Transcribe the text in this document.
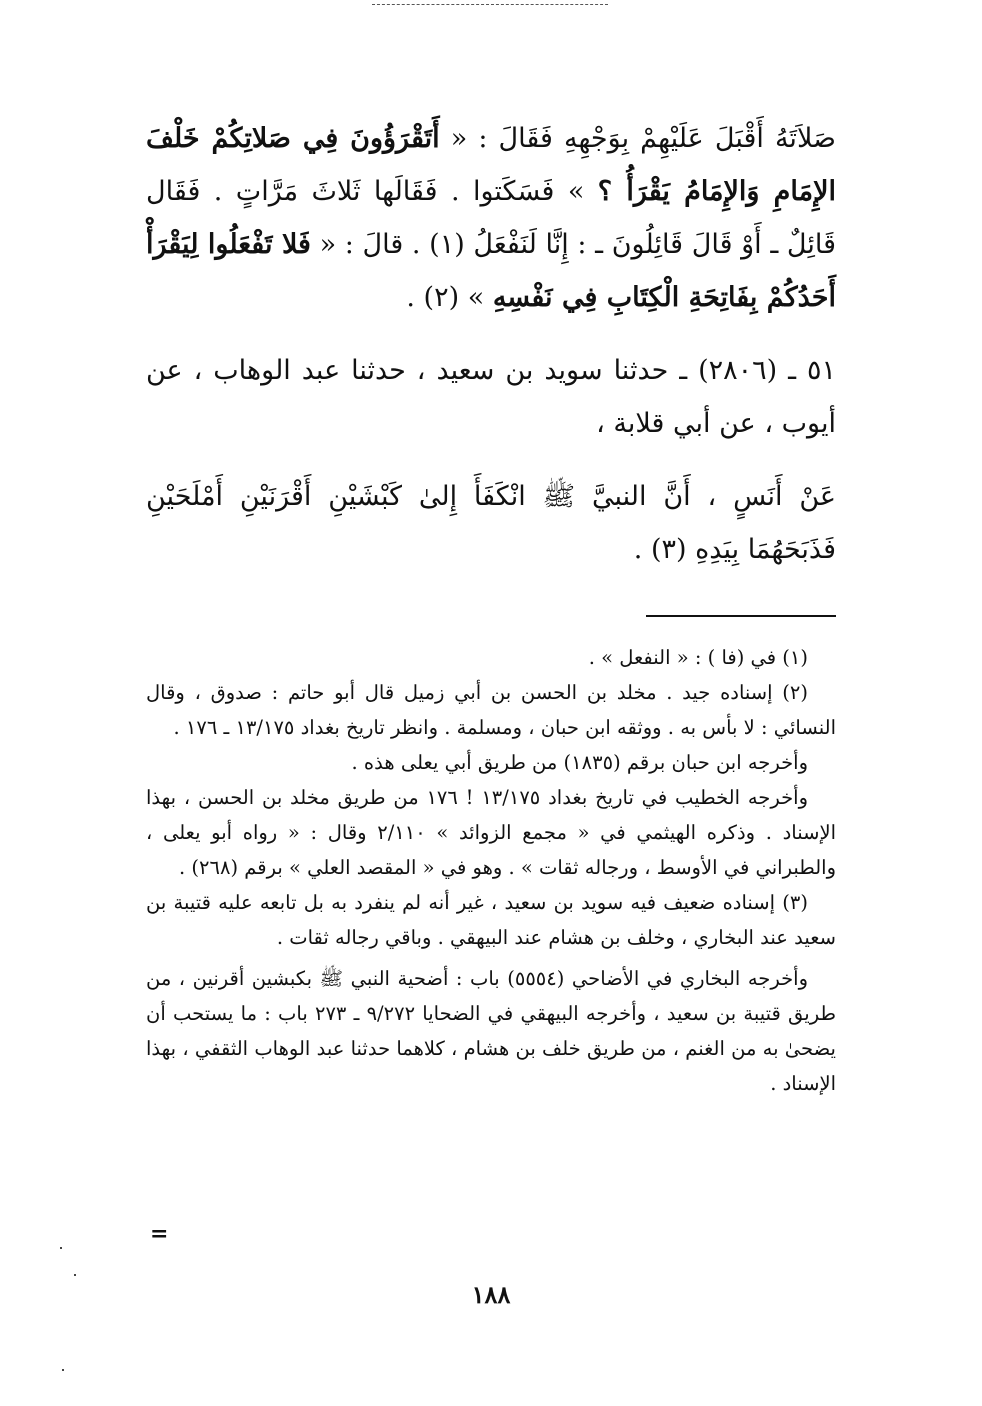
صَلاَتَهُ أَقْبَلَ عَلَيْهِمْ بِوَجْهِهِ فَقَالَ : « أَتَقْرَؤُونَ فِي صَلاتِكُمْ خَلْفَ الإِمَامِ وَالإِمَامُ يَقْرَأُ ؟ » فَسَكَتوا . فَقَالَها ثَلاثَ مَرَّاتٍ . فَقَال قَائِلٌ ـ أَوْ قَالَ قَائِلُونَ ـ : إِنَّا لَنَفْعَلُ (١) . قالَ : « فَلا تَفْعَلُوا لِيَقْرَأْ أَحَدُكُمْ بِفَاتِحَةِ الْكِتَابِ فِي نَفْسِهِ » (٢) .

٥١ ـ (٢٨٠٦) ـ حدثنا سويد بن سعيد ، حدثنا عبد الوهاب ، عن أيوب ، عن أبي قلابة ،

عَنْ أَنَسٍ ، أَنَّ النبيَّ ﷺ انْكَفَأَ إِلىٰ كَبْشَيْنِ أَقْرَنَيْنِ أَمْلَحَيْنِ فَذَبَحَهُمَا بِيَدِهِ (٣) .

(١) في (فا ) : « النفعل » .

(٢) إسناده جيد . مخلد بن الحسن بن أبي زميل قال أبو حاتم : صدوق ، وقال النسائي : لا بأس به . ووثقه ابن حبان ، ومسلمة . وانظر تاريخ بغداد ١٣/١٧٥ ـ ١٧٦ .

وأخرجه ابن حبان برقم (١٨٣٥) من طريق أبي يعلى هذه .

وأخرجه الخطيب في تاريخ بغداد ١٣/١٧٥ ! ١٧٦ من طريق مخلد بن الحسن ، بهذا الإسناد . وذكره الهيثمي في « مجمع الزوائد » ٢/١١٠ وقال : « رواه أبو يعلى ، والطبراني في الأوسط ، ورجاله ثقات » . وهو في « المقصد العلي » برقم (٢٦٨) .

(٣) إسناده ضعيف فيه سويد بن سعيد ، غير أنه لم ينفرد به بل تابعه عليه قتيبة بن سعيد عند البخاري ، وخلف بن هشام عند البيهقي . وباقي رجاله ثقات .

وأخرجه البخاري في الأضاحي (٥٥٥٤) باب : أضحية النبي ﷺ بكبشين أقرنين ، من طريق قتيبة بن سعيد ، وأخرجه البيهقي في الضحايا ٩/٢٧٢ ـ ٢٧٣ باب : ما يستحب أن يضحىٰ به من الغنم ، من طريق خلف بن هشام ، كلاهما حدثنا عبد الوهاب الثقفي ، بهذا الإسناد .

=
١٨٨
